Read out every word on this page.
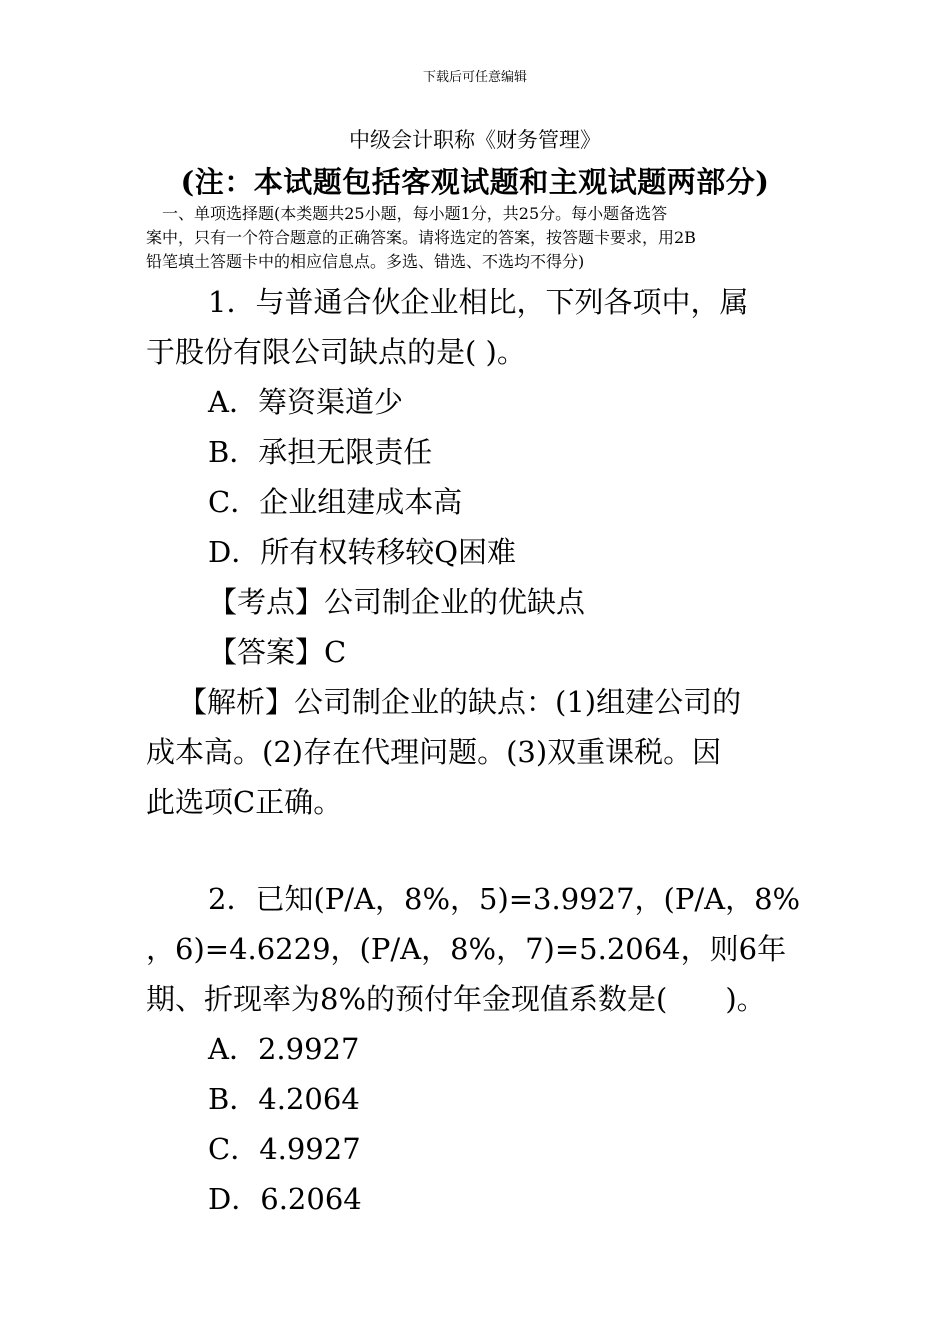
下载后可任意编辑
中级会计职称《财务管理》
(注：本试题包括客观试题和主观试题两部分)
　一、单项选择题(本类题共25小题，每小题1分，共25分。每小题备选答
案中，只有一个符合题意的正确答案。请将选定的答案，按答题卡要求，用2B
铅笔填土答题卡中的相应信息点。多选、错选、不选均不得分)
1．与普通合伙企业相比，下列各项中，属
于股份有限公司缺点的是( )。
A．筹资渠道少
B．承担无限责任
C．企业组建成本高
D．所有权转移较Q困难
【考点】公司制企业的优缺点
【答案】C
【解析】公司制企业的缺点：(1)组建公司的
成本高。(2)存在代理问题。(3)双重课税。因
此选项C正确。
2．已知(P/A，8%，5)=3.9927，(P/A，8%
，6)=4.6229，(P/A，8%，7)=5.2064，则6年
期、折现率为8%的预付年金现值系数是(　　)。
A．2.9927
B．4.2064
C．4.9927
D．6.2064
